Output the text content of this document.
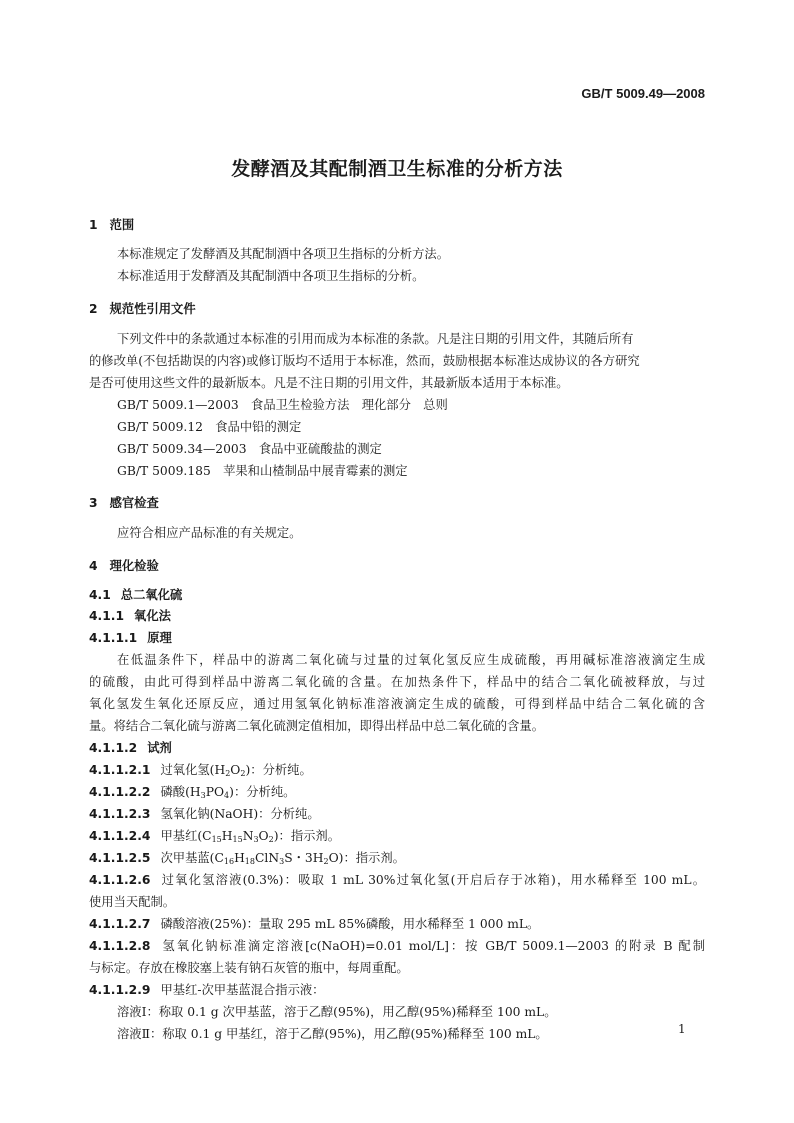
GB/T 5009.49—2008
发酵酒及其配制酒卫生标准的分析方法
1 范围
本标准规定了发酵酒及其配制酒中各项卫生指标的分析方法。
本标准适用于发酵酒及其配制酒中各项卫生指标的分析。
2 规范性引用文件
下列文件中的条款通过本标准的引用而成为本标准的条款。凡是注日期的引用文件，其随后所有
的修改单(不包括勘误的内容)或修订版均不适用于本标准，然而，鼓励根据本标准达成协议的各方研究
是否可使用这些文件的最新版本。凡是不注日期的引用文件，其最新版本适用于本标准。
GB/T 5009.1—2003　食品卫生检验方法　理化部分　总则
GB/T 5009.12　食品中铅的测定
GB/T 5009.34—2003　食品中亚硫酸盐的测定
GB/T 5009.185　苹果和山楂制品中展青霉素的测定
3 感官检查
应符合相应产品标准的有关规定。
4 理化检验
4.1 总二氧化硫
4.1.1 氧化法
4.1.1.1 原理
在低温条件下，样品中的游离二氧化硫与过量的过氧化氢反应生成硫酸，再用碱标准溶液滴定生成
的硫酸，由此可得到样品中游离二氧化硫的含量。在加热条件下，样品中的结合二氧化硫被释放，与过
氧化氢发生氧化还原反应，通过用氢氧化钠标准溶液滴定生成的硫酸，可得到样品中结合二氧化硫的含
量。将结合二氧化硫与游离二氧化硫测定值相加，即得出样品中总二氧化硫的含量。
4.1.1.2 试剂
4.1.1.2.1 过氧化氢$(H_2O_2)$：分析纯。
4.1.1.2.2 磷酸$(H_3PO_4)$：分析纯。
4.1.1.2.3 氢氧化钠(NaOH)：分析纯。
4.1.1.2.4 甲基红$(C_{15}H_{15}N_3O_2)$：指示剂。
4.1.1.2.5 次甲基蓝($C_{16}H_{18}ClN_3S$・$3H_2O$)：指示剂。
4.1.1.2.6 过氧化氢溶液(0.3%)：吸取 1 mL 30%过氧化氢(开启后存于冰箱)，用水稀释至 100 mL。
使用当天配制。
4.1.1.2.7 磷酸溶液(25%)：量取 295 mL 85%磷酸，用水稀释至 1 000 mL。
4.1.1.2.8 氢氧化钠标准滴定溶液[c(NaOH)=0.01 mol/L]：按 GB/T 5009.1—2003 的附录 B 配制
与标定。存放在橡胶塞上装有钠石灰管的瓶中，每周重配。
4.1.1.2.9 甲基红-次甲基蓝混合指示液：
溶液Ⅰ：称取 0.1 g 次甲基蓝，溶于乙醇(95%)，用乙醇(95%)稀释至 100 mL。
溶液Ⅱ：称取 0.1 g 甲基红，溶于乙醇(95%)，用乙醇(95%)稀释至 100 mL。	1
